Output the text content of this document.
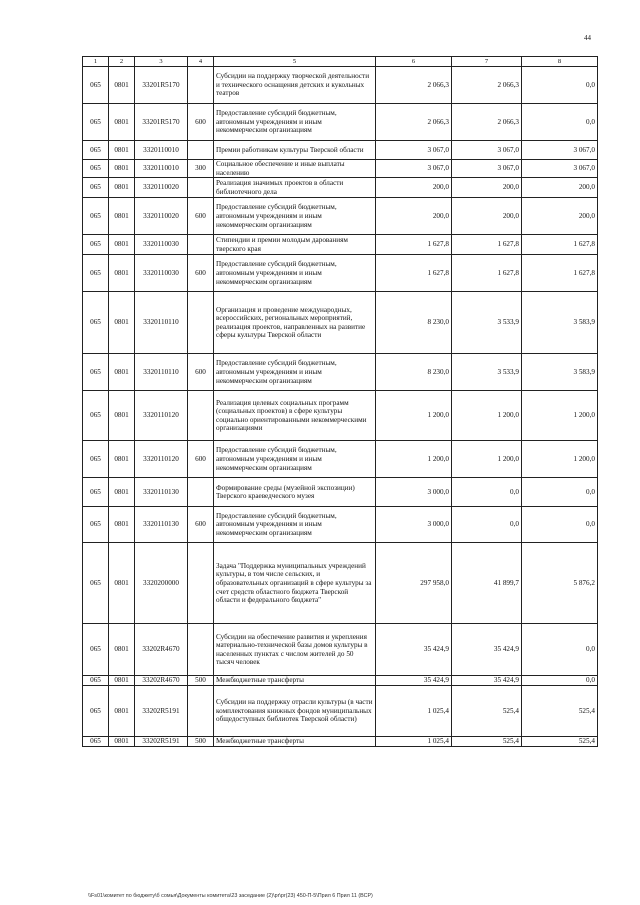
44
1	2	3	4	5	6	7	8
065	0801	33201R5170		Субсидии на поддержку творческой деятельности и технического оснащения детских и кукольных театров	2 066,3	2 066,3	0,0
065	0801	33201R5170	600	Предоставление субсидий бюджетным, автономным учреждениям и иным некоммерческим организациям	2 066,3	2 066,3	0,0
065	0801	3320110010		Премии работникам культуры Тверской области	3 067,0	3 067,0	3 067,0
065	0801	3320110010	300	Социальное обеспечение и иные выплаты населению	3 067,0	3 067,0	3 067,0
065	0801	3320110020		Реализация значимых проектов в области библиотечного дела	200,0	200,0	200,0
065	0801	3320110020	600	Предоставление субсидий бюджетным, автономным учреждениям и иным некоммерческим организациям	200,0	200,0	200,0
065	0801	3320110030		Стипендии и премии молодым дарованиям тверского края	1 627,8	1 627,8	1 627,8
065	0801	3320110030	600	Предоставление субсидий бюджетным, автономным учреждениям и иным некоммерческим организациям	1 627,8	1 627,8	1 627,8
065	0801	3320110110		Организация и проведение международных, всероссийских, региональных мероприятий, реализация проектов, направленных на развитие сферы культуры Тверской области	8 230,0	3 533,9	3 583,9
065	0801	3320110110	600	Предоставление субсидий бюджетным, автономным учреждениям и иным некоммерческим организациям	8 230,0	3 533,9	3 583,9
065	0801	3320110120		Реализация целевых социальных программ (социальных проектов) в сфере культуры социально ориентированными некоммерческими организациями	1 200,0	1 200,0	1 200,0
065	0801	3320110120	600	Предоставление субсидий бюджетным, автономным учреждениям и иным некоммерческим организациям	1 200,0	1 200,0	1 200,0
065	0801	3320110130		Формирование среды (музейной экспозиции) Тверского краеведческого музея	3 000,0	0,0	0,0
065	0801	3320110130	600	Предоставление субсидий бюджетным, автономным учреждениям и иным некоммерческим организациям	3 000,0	0,0	0,0
065	0801	3320200000		Задача "Поддержка муниципальных учреждений культуры, в том числе сельских, и образовательных организаций в сфере культуры за счет средств областного бюджета Тверской области и федерального бюджета"	297 958,0	41 899,7	5 876,2
065	0801	33202R4670		Субсидии на обеспечение развития и укрепления материально-технической базы домов культуры в населенных пунктах с числом жителей до 50 тысяч человек	35 424,9	35 424,9	0,0
065	0801	33202R4670	500	Межбюджетные трансферты	35 424,9	35 424,9	0,0
065	0801	33202R5191		Субсидии на поддержку отрасли культуры (в части комплектования книжных фондов муниципальных общедоступных библиотек Тверской области)	1 025,4	525,4	525,4
065	0801	33202R5191	500	Межбюджетные трансферты	1 025,4	525,4	525,4
\\Fs01\комитет по бюджету\б сомья\Документы комитета\23 заседание (2)\pr\pr(23) 450-П-5\Прил 6 Прил 11 (ВСР)
